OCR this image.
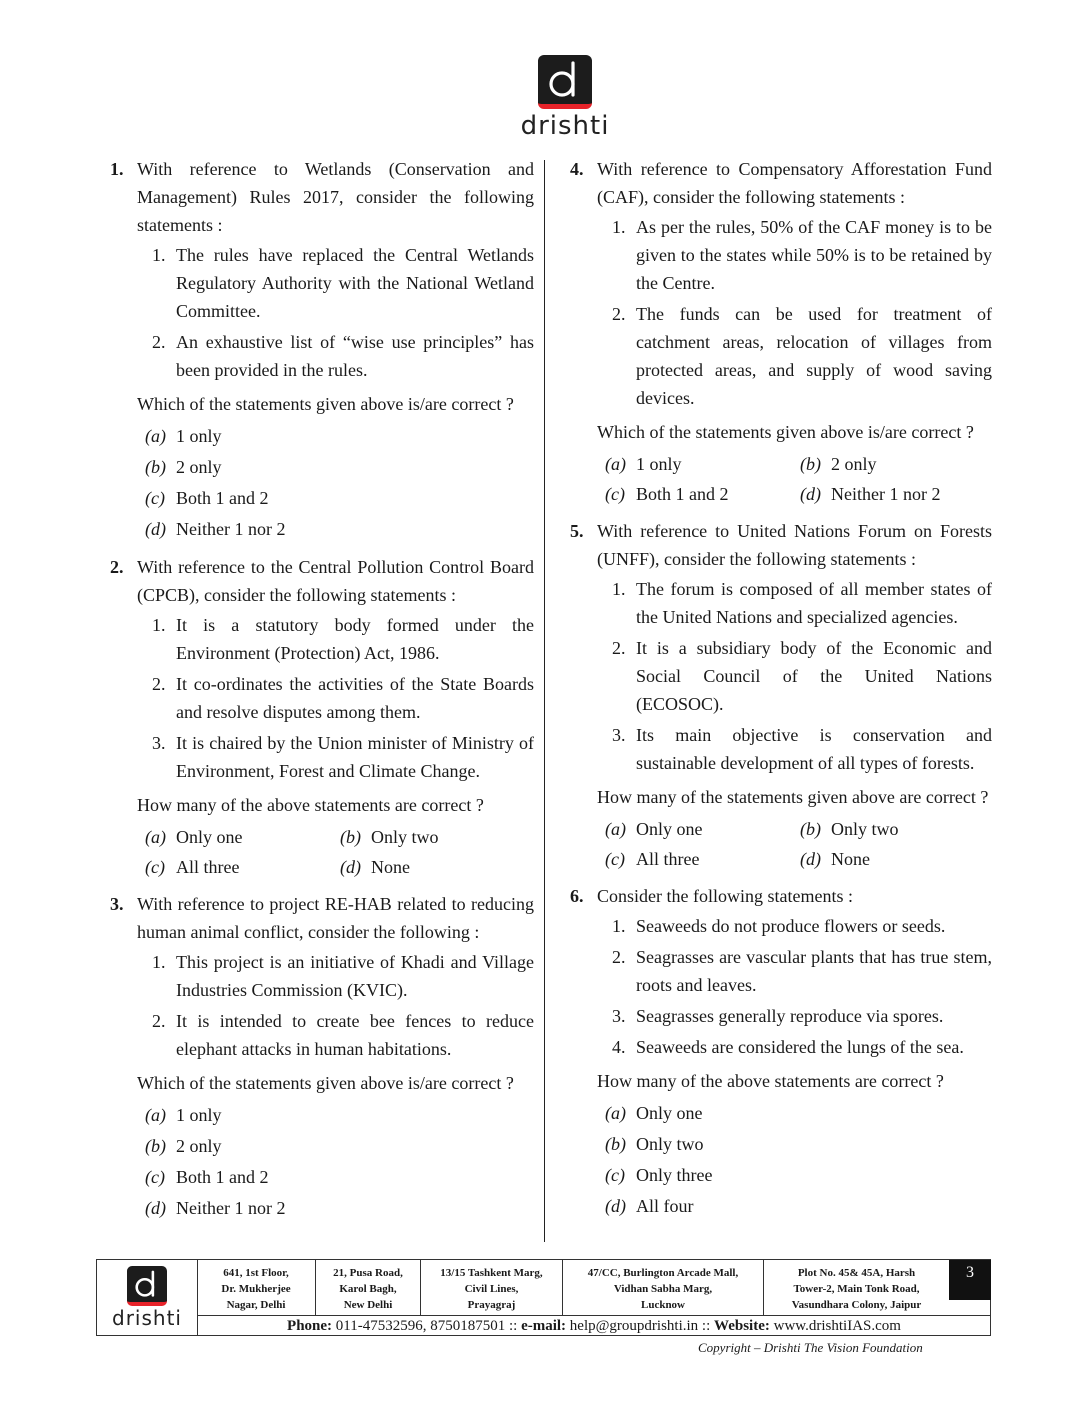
drishti
1. With reference to Wetlands (Conservation and Management) Rules 2017, consider the following statements :
1. The rules have replaced the Central Wetlands Regulatory Authority with the National Wetland Committee.
2. An exhaustive list of “wise use principles” has been provided in the rules.
Which of the statements given above is/are correct ?
(a) 1 only
(b) 2 only
(c) Both 1 and 2
(d) Neither 1 nor 2
2. With reference to the Central Pollution Control Board (CPCB), consider the following statements :
1. It is a statutory body formed under the Environment (Protection) Act, 1986.
2. It co-ordinates the activities of the State Boards and resolve disputes among them.
3. It is chaired by the Union minister of Ministry of Environment, Forest and Climate Change.
How many of the above statements are correct ?
(a) Only one	(b) Only two
(c) All three	(d) None
3. With reference to project RE-HAB related to reducing human animal conflict, consider the following :
1. This project is an initiative of Khadi and Village Industries Commission (KVIC).
2. It is intended to create bee fences to reduce elephant attacks in human habitations.
Which of the statements given above is/are correct ?
(a) 1 only
(b) 2 only
(c) Both 1 and 2
(d) Neither 1 nor 2
4. With reference to Compensatory Afforestation Fund (CAF), consider the following statements :
1. As per the rules, 50% of the CAF money is to be given to the states while 50% is to be retained by the Centre.
2. The funds can be used for treatment of catchment areas, relocation of villages from protected areas, and supply of wood saving devices.
Which of the statements given above is/are correct ?
(a) 1 only	(b) 2 only
(c) Both 1 and 2	(d) Neither 1 nor 2
5. With reference to United Nations Forum on Forests (UNFF), consider the following statements :
1. The forum is composed of all member states of the United Nations and specialized agencies.
2. It is a subsidiary body of the Economic and Social Council of the United Nations (ECOSOC).
3. Its main objective is conservation and sustainable development of all types of forests.
How many of the statements given above are correct ?
(a) Only one	(b) Only two
(c) All three	(d) None
6. Consider the following statements :
1. Seaweeds do not produce flowers or seeds.
2. Seagrasses are vascular plants that has true stem, roots and leaves.
3. Seagrasses generally reproduce via spores.
4. Seaweeds are considered the lungs of the sea.
How many of the above statements are correct ?
(a) Only one
(b) Only two
(c) Only three
(d) All four
drishti
641, 1st Floor,
Dr. Mukherjee
Nagar, Delhi
21, Pusa Road,
Karol Bagh,
New Delhi
13/15 Tashkent Marg,
Civil Lines,
Prayagraj
47/CC, Burlington Arcade Mall,
Vidhan Sabha Marg,
Lucknow
Plot No. 45& 45A, Harsh
Tower-2, Main Tonk Road,
Vasundhara Colony, Jaipur
3
Phone: 011-47532596, 8750187501 :: e-mail: help@groupdrishti.in :: Website: www.drishtiIAS.com
Copyright – Drishti The Vision Foundation
